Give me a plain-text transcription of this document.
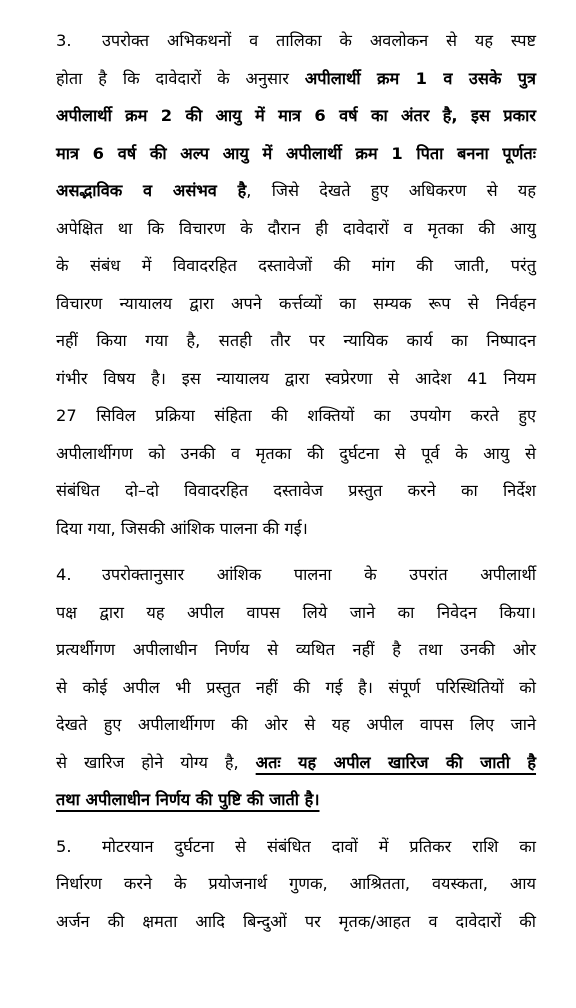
3. उपरोक्त अभिकथनों व तालिका के अवलोकन से यह स्पष्ट
होता है कि दावेदारों के अनुसार अपीलार्थी क्रम 1 व उसके पुत्र
अपीलार्थी क्रम 2 की आयु में मात्र 6 वर्ष का अंतर है, इस प्रकार
मात्र 6 वर्ष की अल्प आयु में अपीलार्थी क्रम 1 पिता बनना पूर्णतः
असद्भाविक व असंभव है, जिसे देखते हुए अधिकरण से यह
अपेक्षित था कि विचारण के दौरान ही दावेदारों व मृतका की आयु
के संबंध में विवादरहित दस्तावेजों की मांग की जाती, परंतु
विचारण न्यायालय द्वारा अपने कर्त्तव्यों का सम्यक रूप से निर्वहन
नहीं किया गया है, सतही तौर पर न्यायिक कार्य का निष्पादन
गंभीर विषय है। इस न्यायालय द्वारा स्वप्रेरणा से आदेश 41 नियम
27 सिविल प्रक्रिया संहिता की शक्तियों का उपयोग करते हुए
अपीलार्थीगण को उनकी व मृतका की दुर्घटना से पूर्व के आयु से
संबंधित दो–दो विवादरहित दस्तावेज प्रस्तुत करने का निर्देश
दिया गया, जिसकी आंशिक पालना की गई।
4. उपरोक्तानुसार आंशिक पालना के उपरांत अपीलार्थी
पक्ष द्वारा यह अपील वापस लिये जाने का निवेदन किया।
प्रत्यर्थीगण अपीलाधीन निर्णय से व्यथित नहीं है तथा उनकी ओर
से कोई अपील भी प्रस्तुत नहीं की गई है। संपूर्ण परिस्थितियों को
देखते हुए अपीलार्थीगण की ओर से यह अपील वापस लिए जाने
से खारिज होने योग्य है, अतः यह अपील खारिज की जाती है
तथा अपीलाधीन निर्णय की पुष्टि की जाती है।
5. मोटरयान दुर्घटना से संबंधित दावों में प्रतिकर राशि का
निर्धारण करने के प्रयोजनार्थ गुणक, आश्रितता, वयस्कता, आय
अर्जन की क्षमता आदि बिन्दुओं पर मृतक/आहत व दावेदारों की
